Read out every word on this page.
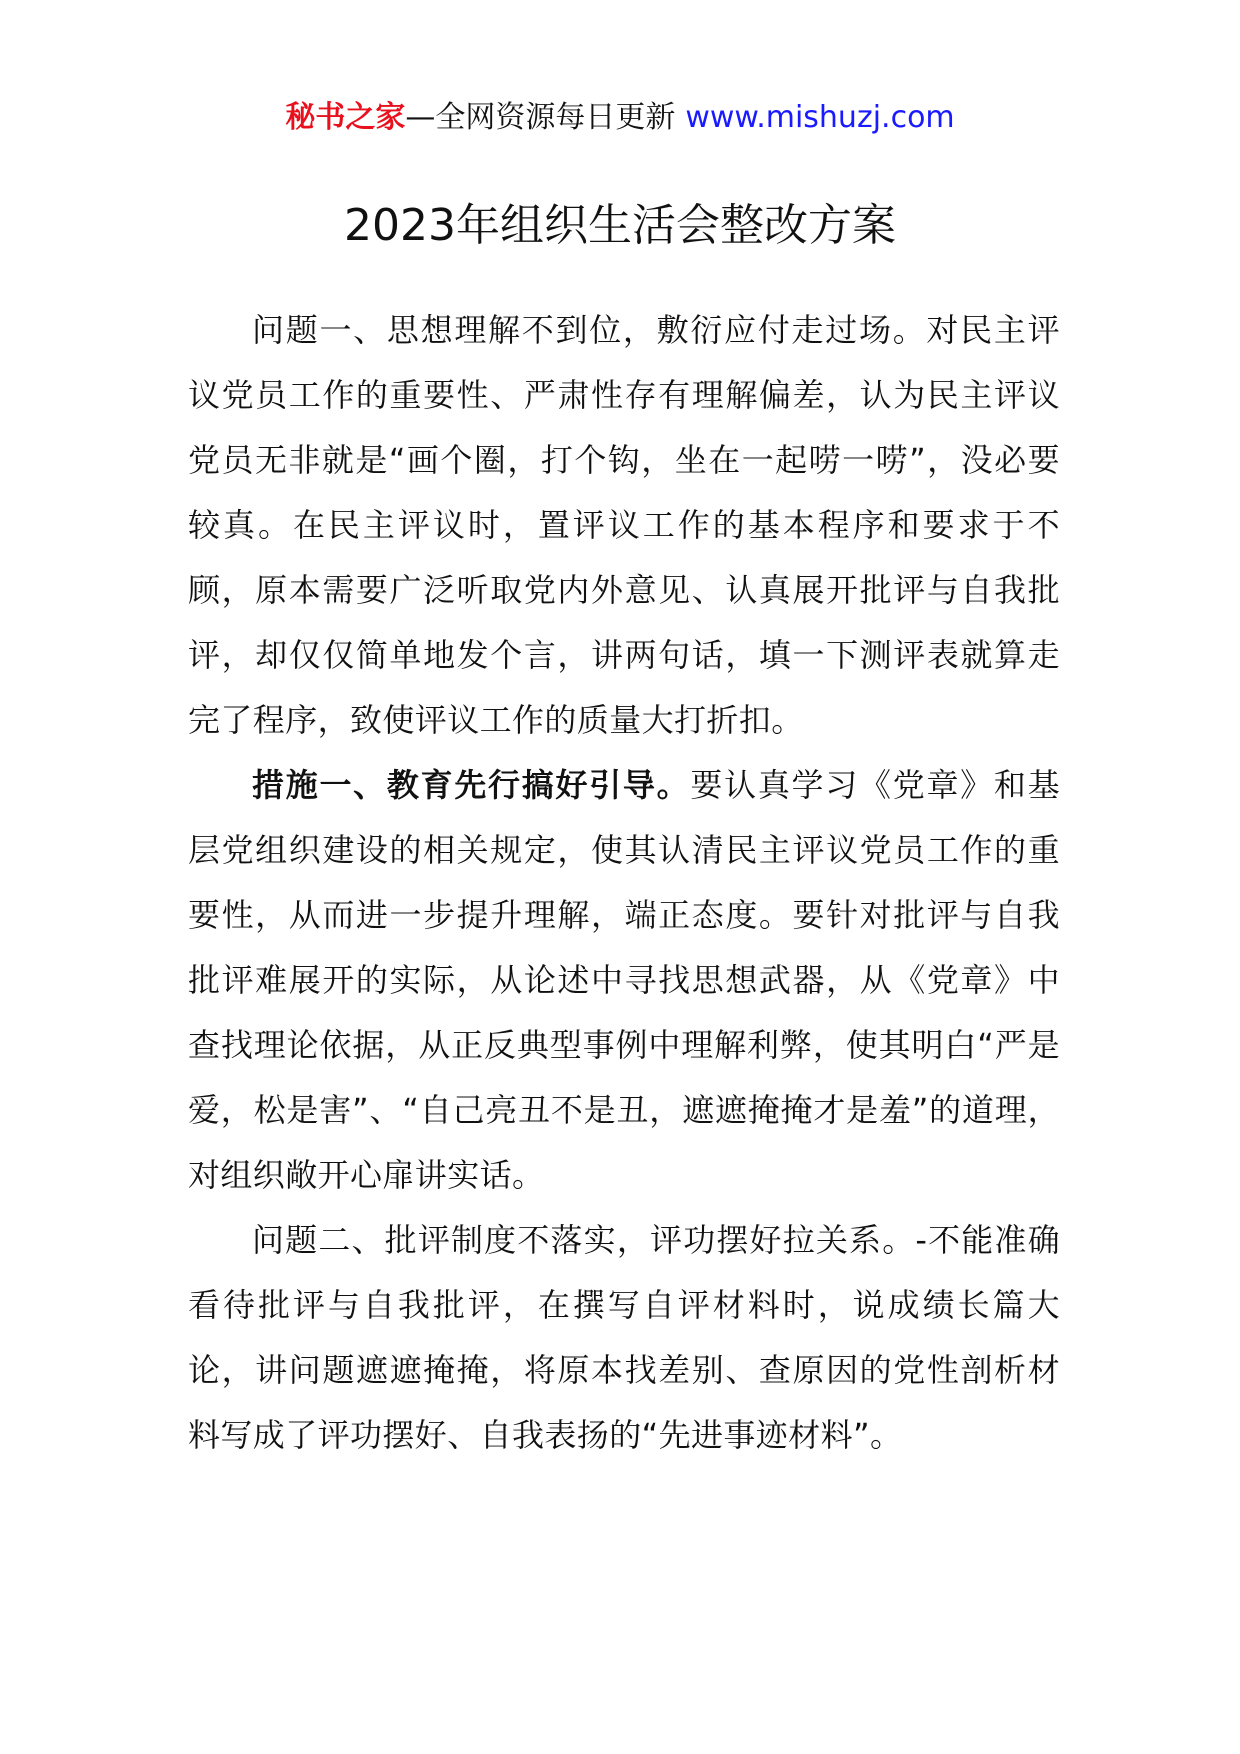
秘书之家—全网资源每日更新 www.mishuzj.com
2023年组织生活会整改方案

问题一、思想理解不到位，敷衍应付走过场。对民主评议党员工作的重要性、严肃性存有理解偏差，认为民主评议党员无非就是“画个圈，打个钩，坐在一起唠一唠”，没必要较真。在民主评议时，置评议工作的基本程序和要求于不顾，原本需要广泛听取党内外意见、认真展开批评与自我批评，却仅仅简单地发个言，讲两句话，填一下测评表就算走完了程序，致使评议工作的质量大打折扣。

措施一、教育先行搞好引导。要认真学习《党章》和基层党组织建设的相关规定，使其认清民主评议党员工作的重要性，从而进一步提升理解，端正态度。要针对批评与自我批评难展开的实际，从论述中寻找思想武器，从《党章》中查找理论依据，从正反典型事例中理解利弊，使其明白“严是爱，松是害”、“自己亮丑不是丑，遮遮掩掩才是羞”的道理，对组织敞开心扉讲实话。

问题二、批评制度不落实，评功摆好拉关系。-不能准确看待批评与自我批评，在撰写自评材料时，说成绩长篇大论，讲问题遮遮掩掩，将原本找差别、查原因的党性剖析材料写成了评功摆好、自我表扬的“先进事迹材料”。
